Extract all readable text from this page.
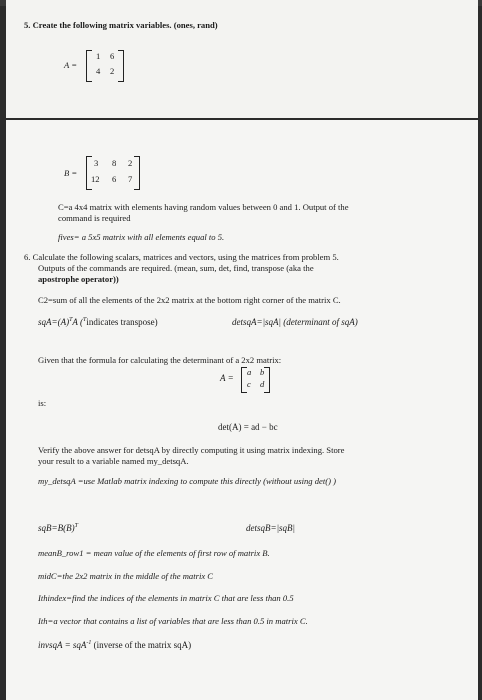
5. Create the following matrix variables. (ones, rand)
A =
1 6
4 2
B =
3 8 2
12 6 7
C=a 4x4 matrix with elements having random values between 0 and 1. Output of the
command is required
fives= a 5x5 matrix with all elements equal to 5.
6. Calculate the following scalars, matrices and vectors, using the matrices from problem 5.
Outputs of the commands are required. (mean, sum, det, find, transpose (aka the
apostrophe operator))
C2=sum of all the elements of the 2x2 matrix at the bottom right corner of the matrix C.
$sqA=(A)^TA$ ($^T$indicates transpose)	detsqA=|sqA| (determinant of sqA)
Given that the formula for calculating the determinant of a 2x2 matrix:
A =
a b
c d
is:
det(A) = ad − bc
Verify the above answer for detsqA by directly computing it using matrix indexing. Store
your result to a variable named my_detsqA.
my_detsqA =use Matlab matrix indexing to compute this directly (without using det() )
$sqB=B(B)^T$	detsqB=|sqB|
meanB_row1 = mean value of the elements of first row of matrix B.
midC=the 2x2 matrix in the middle of the matrix C
Ithindex=find the indices of the elements in matrix C that are less than 0.5
Ith=a vector that contains a list of variables that are less than 0.5 in matrix C.
invsqA = sqA$^{-1}$ (inverse of the matrix sqA)
